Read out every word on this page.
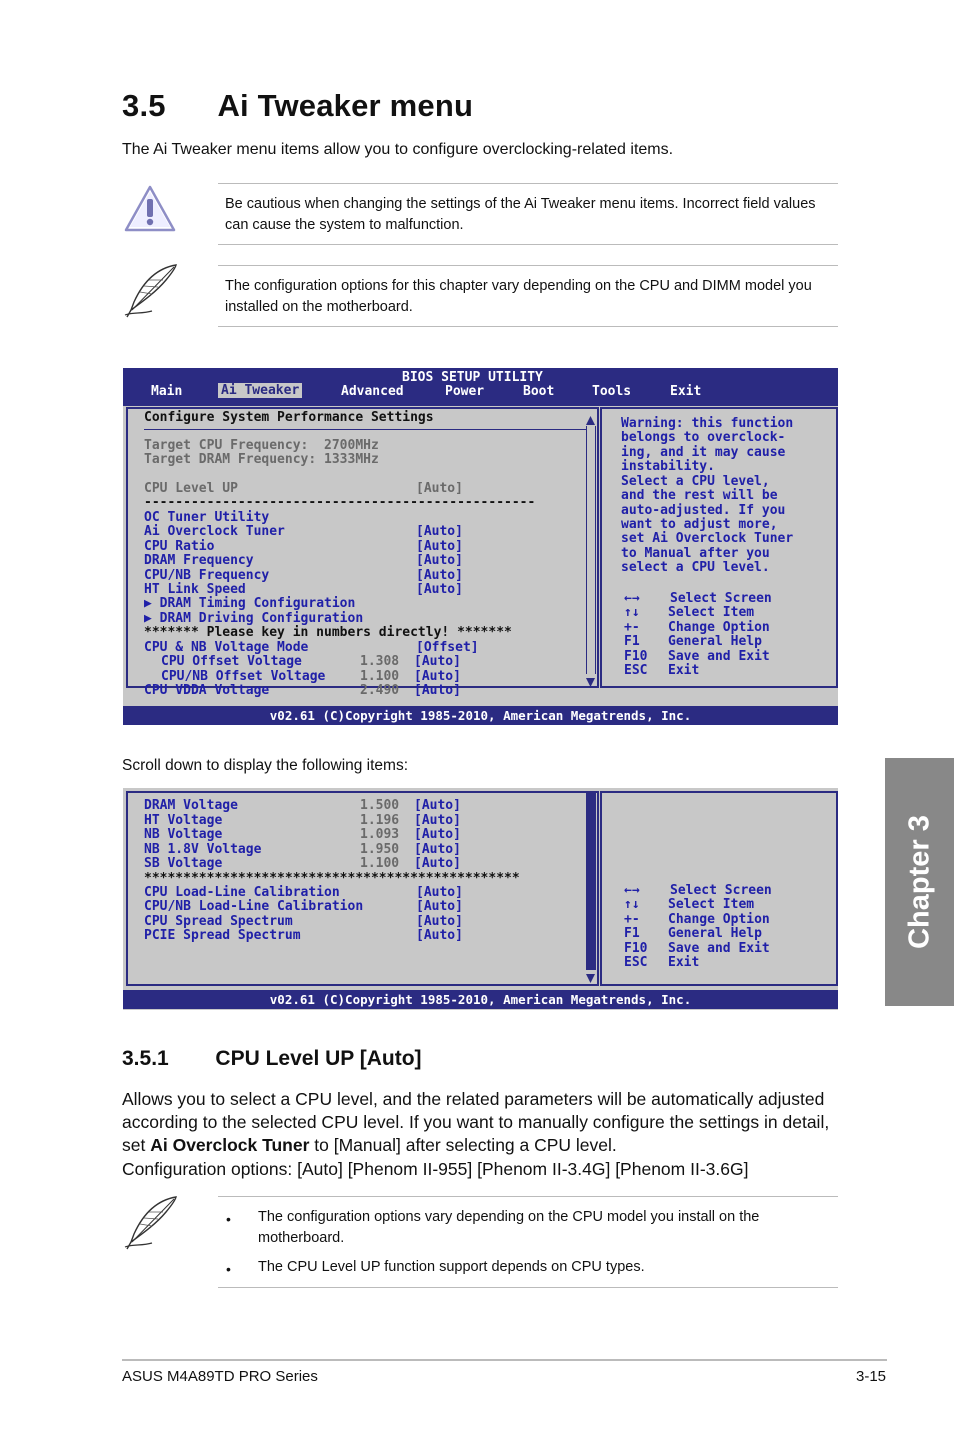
3.5 Ai Tweaker menu
The Ai Tweaker menu items allow you to configure overclocking-related items.
Be cautious when changing the settings of the Ai Tweaker menu items. Incorrect field values can cause the system to malfunction.
The configuration options for this chapter vary depending on the CPU and DIMM model you installed on the motherboard.
BIOS SETUP UTILITY
Main	Ai Tweaker	Advanced	Power	Boot	Tools	Exit
Configure System Performance Settings
Target CPU Frequency:  2700MHz
Target DRAM Frequency: 1333MHz
CPU Level UP	[Auto]
--------------------------------------------------
OC Tuner Utility
Ai Overclock Tuner	[Auto]
CPU Ratio	[Auto]
DRAM Frequency	[Auto]
CPU/NB Frequency	[Auto]
HT Link Speed	[Auto]
▶ DRAM Timing Configuration
▶ DRAM Driving Configuration
******* Please key in numbers directly! *******
CPU & NB Voltage Mode	[Offset]
CPU Offset Voltage	1.308 [Auto]
CPU/NB Offset Voltage	1.100 [Auto]
CPU VDDA Voltage	2.490 [Auto]
Warning: this function
belongs to overclock-
ing, and it may cause
instability.
Select a CPU level,
and the rest will be
auto-adjusted. If you
want to adjust more,
set Ai Overclock Tuner
to Manual after you
select a CPU level.
←→ Select Screen
↑↓ Select Item
+- Change Option
F1 General Help
F10 Save and Exit
ESC Exit
v02.61 (C)Copyright 1985-2010, American Megatrends, Inc.
Scroll down to display the following items:
DRAM Voltage	1.500 [Auto]
HT Voltage	1.196 [Auto]
NB Voltage	1.093 [Auto]
NB 1.8V Voltage	1.950 [Auto]
SB Voltage	1.100 [Auto]
************************************************
CPU Load-Line Calibration	[Auto]
CPU/NB Load-Line Calibration	[Auto]
CPU Spread Spectrum	[Auto]
PCIE Spread Spectrum	[Auto]
←→ Select Screen
↑↓ Select Item
+- Change Option
F1 General Help
F10 Save and Exit
ESC Exit
v02.61 (C)Copyright 1985-2010, American Megatrends, Inc.
Chapter 3
3.5.1 CPU Level UP [Auto]
Allows you to select a CPU level, and the related parameters will be automatically adjusted according to the selected CPU level. If you want to manually configure the settings in detail, set Ai Overclock Tuner to [Manual] after selecting a CPU level.
Configuration options: [Auto] [Phenom II-955] [Phenom II-3.4G] [Phenom II-3.6G]
• The configuration options vary depending on the CPU model you install on the motherboard.
• The CPU Level UP function support depends on CPU types.
ASUS M4A89TD PRO Series	3-15
